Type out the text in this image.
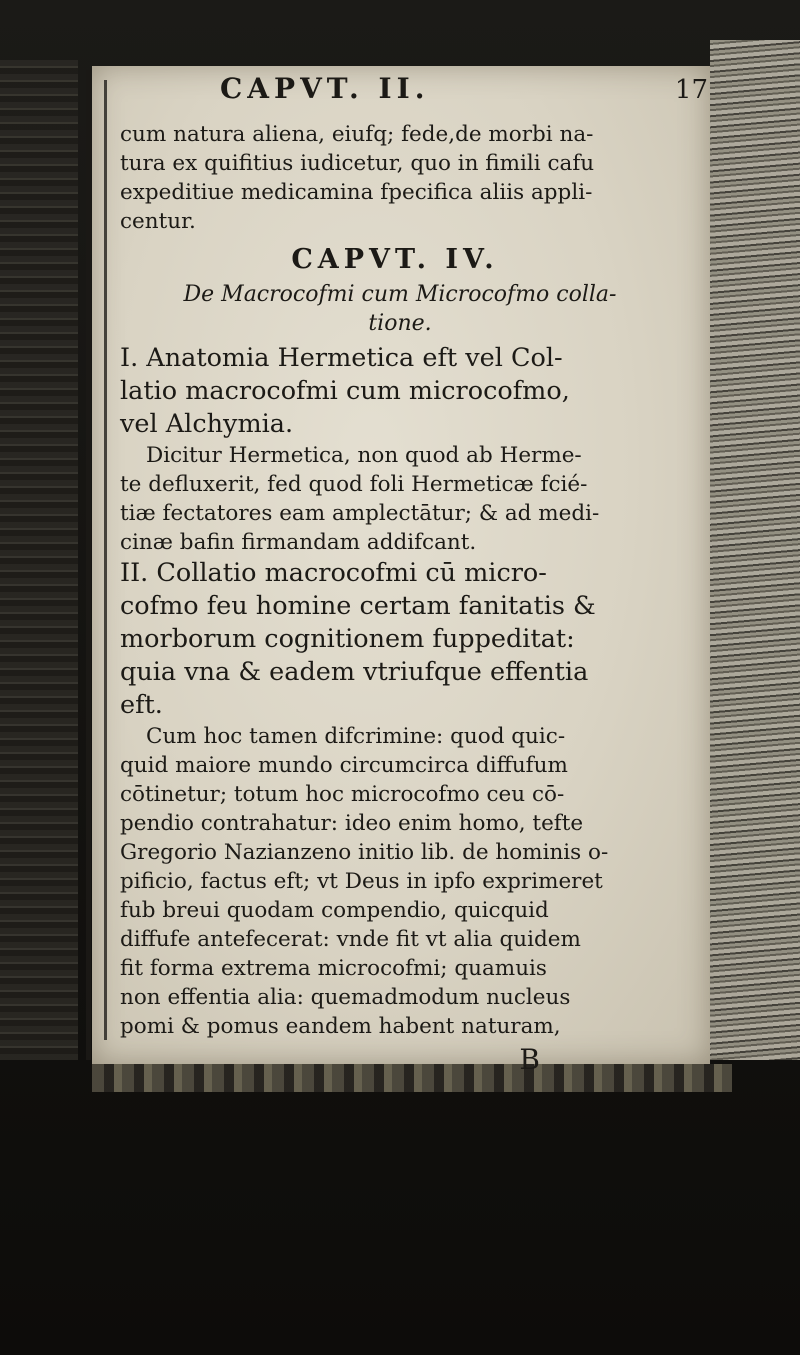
CAPVT. II.	17
cum natura aliena, eiufq; fede,de morbi na-
tura ex quifitius iudicetur, quo in fimili cafu
expeditiue medicamina fpecifica aliis appli-
centur.
CAPVT. IV.
De Macrocofmi cum Microcofmo colla-
tione.
I. Anatomia Hermetica eft vel Col-
latio macrocofmi cum microcofmo,
vel Alchymia.
Dicitur Hermetica, non quod ab Herme-
te defluxerit, fed quod foli Hermeticæ fcié-
tiæ fectatores eam amplectātur; & ad medi-
cinæ bafin firmandam addifcant.
II. Collatio macrocofmi cū micro-
cofmo feu homine certam fanitatis &
morborum cognitionem fuppeditat:
quia vna & eadem vtriufque effentia
eft.
Cum hoc tamen difcrimine: quod quic-
quid maiore mundo circumcirca diffufum
cōtinetur; totum hoc microcofmo ceu cō-
pendio contrahatur: ideo enim homo, tefte
Gregorio Nazianzeno initio lib. de hominis o-
pificio, factus eft; vt Deus in ipfo exprimeret
fub breui quodam compendio, quicquid
diffufe antefecerat: vnde fit vt alia quidem
fit forma extrema microcofmi; quamuis
non effentia alia: quemadmodum nucleus
pomi & pomus eandem habent naturam,
B
